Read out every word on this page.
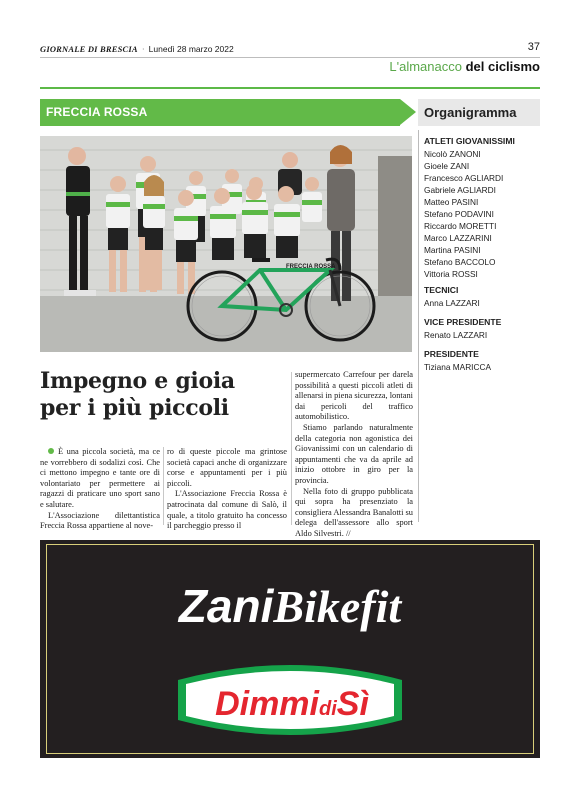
GIORNALE DI BRESCIA · Lunedì 28 marzo 2022	37
L'almanacco del ciclismo
FRECCIA ROSSA	Organigramma
FRECCIA ROSSA
ATLETI GIOVANISSIMI
Nicolò ZANONI
Gioele ZANI
Francesco AGLIARDI
Gabriele AGLIARDI
Matteo PASINI
Stefano PODAVINI
Riccardo MORETTI
Marco LAZZARINI
Martina PASINI
Stefano BACCOLO
Vittoria ROSSI
TECNICI
Anna LAZZARI
VICE PRESIDENTE
Renato LAZZARI
PRESIDENTE
Tiziana MARICCA
Impegno e gioia
per i più piccoli

È una piccola società, ma ce ne vorrebbero di sodalizi così. Che ci mettono impegno e tante ore di volontariato per permettere ai ragazzi di praticare uno sport sano e salutare.

L'Associazione dilettantistica Freccia Rossa appartiene al nove-

ro di queste piccole ma grintose società capaci anche di organizzare corse e appuntamenti per i più piccoli.

L'Associazione Freccia Rossa è patrocinata dal comune di Salò, il quale, a titolo gratuito ha concesso il parcheggio presso il

supermercato Carrefour per darela possibilità a questi piccoli atleti di allenarsi in piena sicurezza, lontani dai pericoli del traffico automobilistico.

Stiamo parlando naturalmente della categoria non agonistica dei Giovanissimi con un calendario di appuntamenti che va da aprile ad inizio ottobre in giro per la provincia.

Nella foto di gruppo pubblicata qui sopra ha presenziato la consigliera Alessandra Banalotti su delega dell'assessore allo sport Aldo Silvestri. //

ZaniBikefit
DimmidiSì
